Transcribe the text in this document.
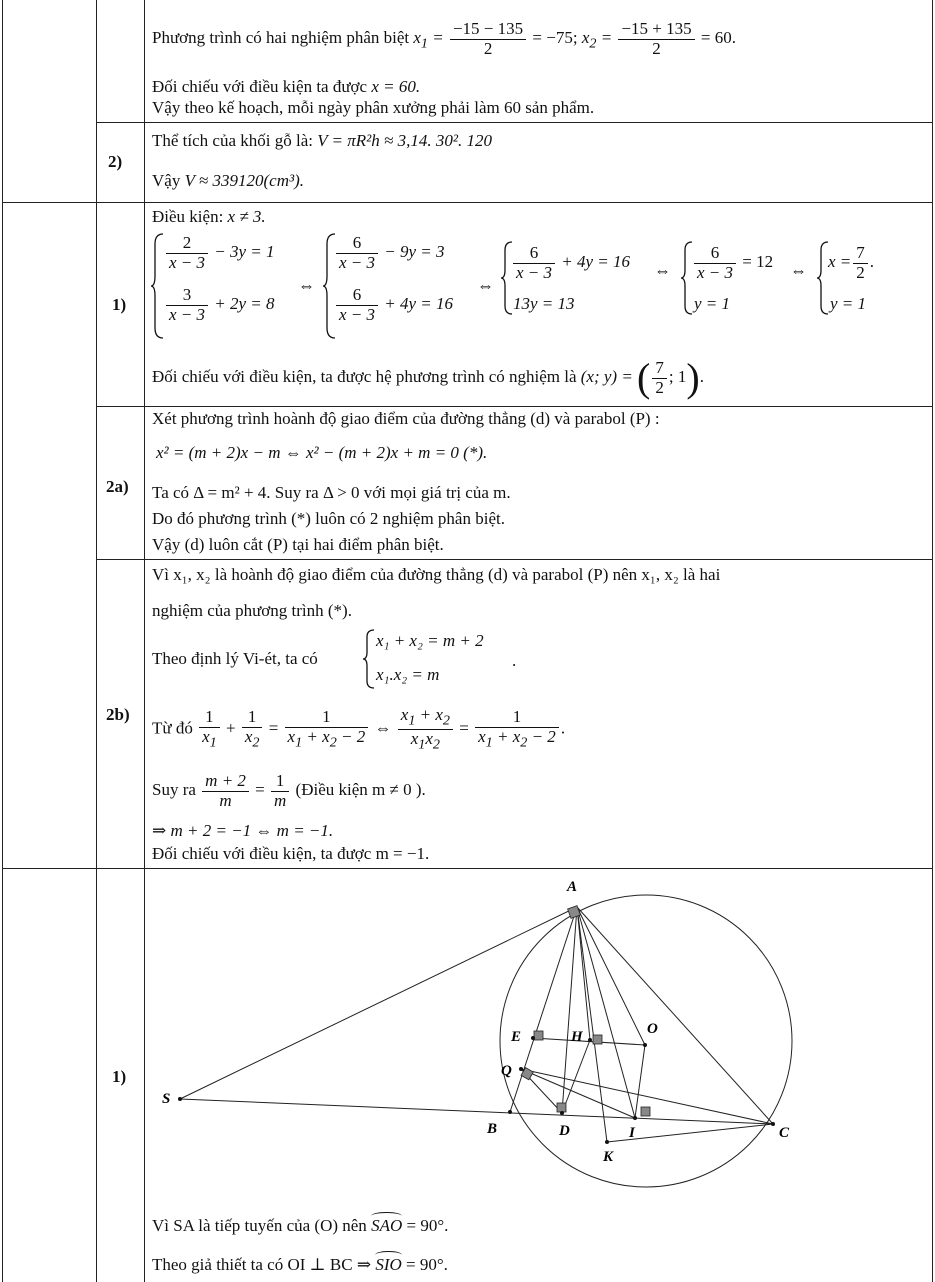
Phương trình có hai nghiệm phân biệt $x_1 = \frac{-15 - 135}{2} = -75$; $x_2 = \frac{-15 + 135}{2} = 60$.
Đối chiếu với điều kiện ta được x = 60.
Vậy theo kế hoạch, mỗi ngày phân xưởng phải làm 60 sản phẩm.
2)
Thể tích của khối gỗ là: V = πR²h ≈ 3,14. 30². 120
Vậy V ≈ 339120(cm³).
1)
Điều kiện: x ≠ 3.
$\frac{2}{x - 3} - 3y = 1$
$\frac{3}{x - 3} + 2y = 8$
⇔
$\frac{6}{x - 3} - 9y = 3$
$\frac{6}{x - 3} + 4y = 16$
⇔
$\frac{6}{x - 3} + 4y = 16$
13y = 13
⇔ $\frac{6}{x - 3} = 12$
y = 1
⇔ $x = \frac{7}{2}$ .
y = 1
Đối chiếu với điều kiện, ta được hệ phương trình có nghiệm là (x; y) = ( $\frac{7}{2}$ ; 1).
2a)
Xét phương trình hoành độ giao điểm của đường thẳng (d) và parabol (P) :
x² = (m + 2)x − m ⇔ x² − (m + 2)x + m = 0 (*).
Ta có Δ = m² + 4. Suy ra Δ > 0 với mọi giá trị của m.
Do đó phương trình (*) luôn có 2 nghiệm phân biệt.
Vậy (d) luôn cắt (P) tại hai điểm phân biệt.
2b)
Vì x₁, x₂ là hoành độ giao điểm của đường thẳng (d) và parabol (P) nên x₁, x₂ là hai
nghiệm của phương trình (*).
Theo định lý Vi-ét, ta có
x₁ + x₂ = m + 2
x₁.x₂ = m
.
Từ đó $\frac{1}{x_1} + \frac{1}{x_2} = \frac{1}{x_1 + x_2 - 2}$ ⇔ $\frac{x_1 + x_2}{x_1x_2} = \frac{1}{x_1 + x_2 - 2}$ .
Suy ra $\frac{m + 2}{m} = \frac{1}{m}$ (Điều kiện m ≠ 0 ).
⇒ m + 2 = −1 ⇔ m = −1.
Đối chiếu với điều kiện, ta được m = −1.
1)
A
E	H	O
Q
S
B	D	I	C
K
Vì SA là tiếp tuyến của (O) nên SAO = 90°.
Theo giả thiết ta có OI ⊥ BC ⇒ SIO = 90°.
